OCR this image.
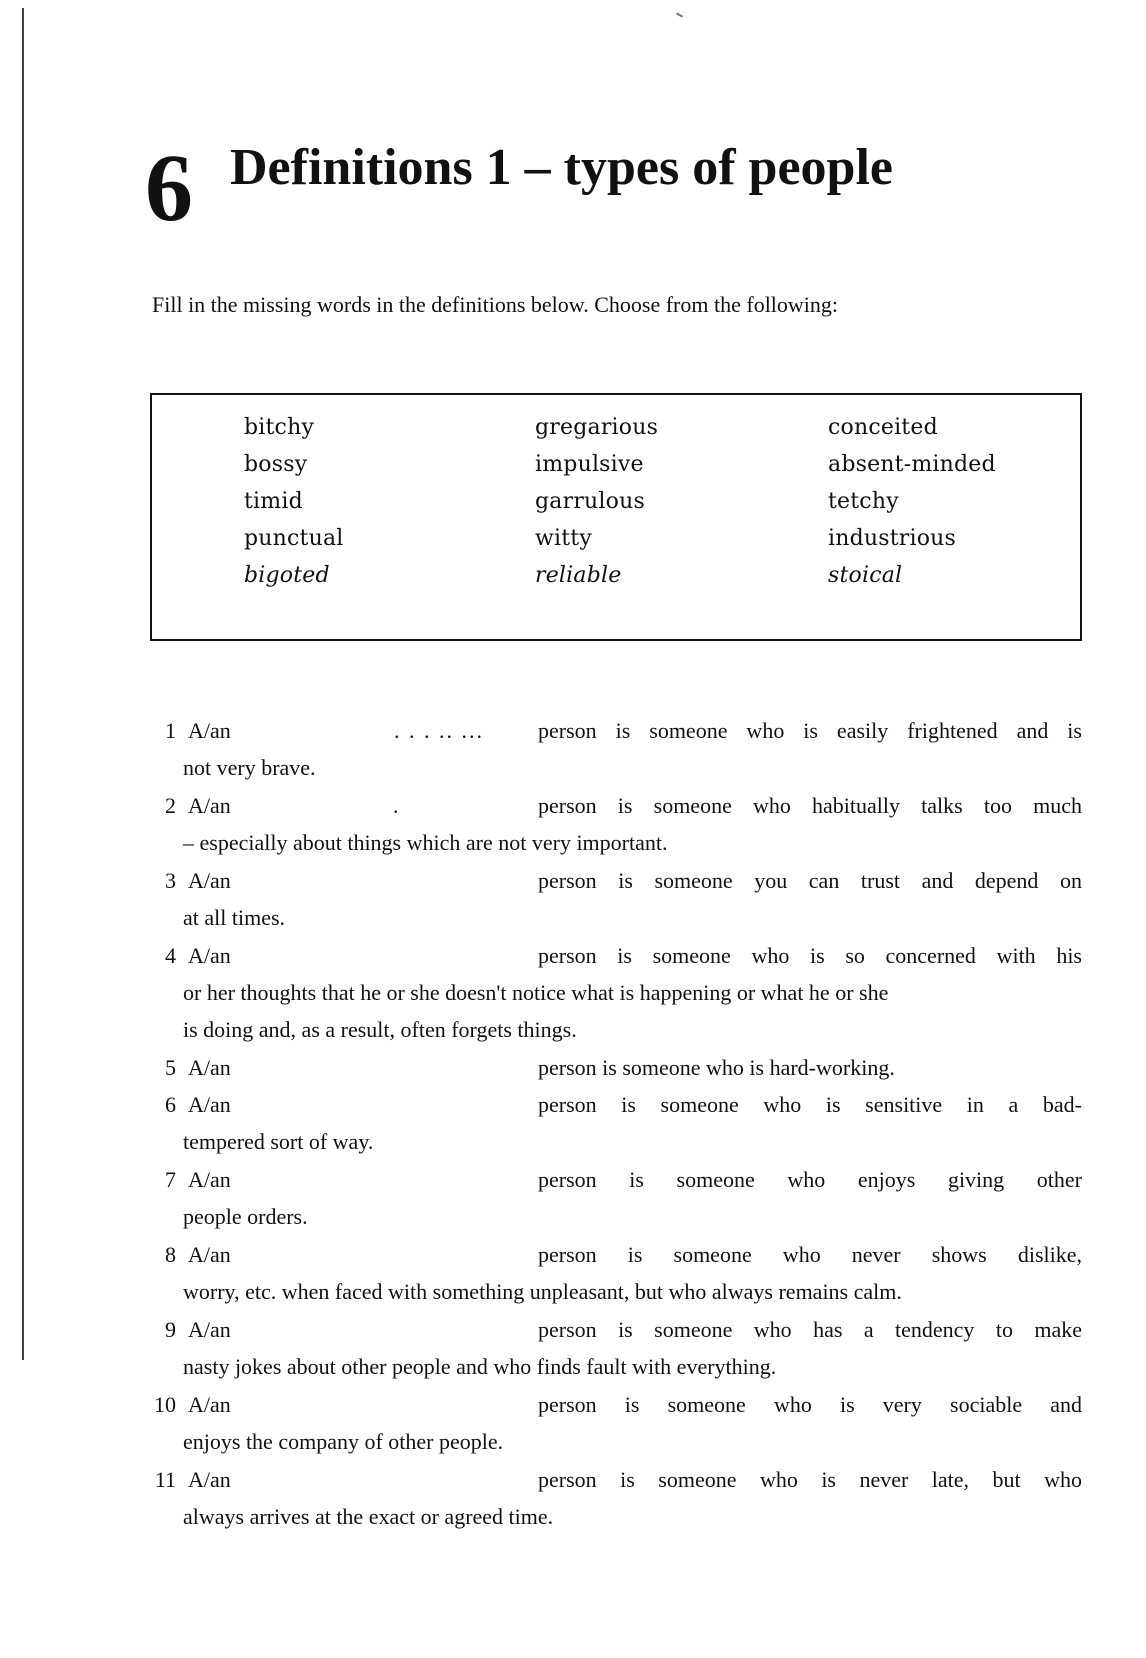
6 Definitions 1 – types of people
Fill in the missing words in the definitions below. Choose from the following:
bitchy
bossy
timid
punctual
bigoted
gregarious
impulsive
garrulous
witty
reliable
conceited
absent-minded
tetchy
industrious
stoical
1 A/an	. . . .. ... person is someone who is easily frightened and is
not very brave.
2 A/an	.	person is someone who habitually talks too much
– especially about things which are not very important.
3 A/an	person is someone you can trust and depend on
at all times.
4 A/an	person is someone who is so concerned with his
or her thoughts that he or she doesn't notice what is happening or what he or she
is doing and, as a result, often forgets things.
5 A/an	person is someone who is hard-working.
6 A/an	person is someone who is sensitive in a bad-
tempered sort of way.
7 A/an	person is someone who enjoys giving other
people orders.
8 A/an	person is someone who never shows dislike,
worry, etc. when faced with something unpleasant, but who always remains calm.
9 A/an	person is someone who has a tendency to make
nasty jokes about other people and who finds fault with everything.
10 A/an	person is someone who is very sociable and
enjoys the company of other people.
11 A/an	person is someone who is never late, but who
always arrives at the exact or agreed time.
